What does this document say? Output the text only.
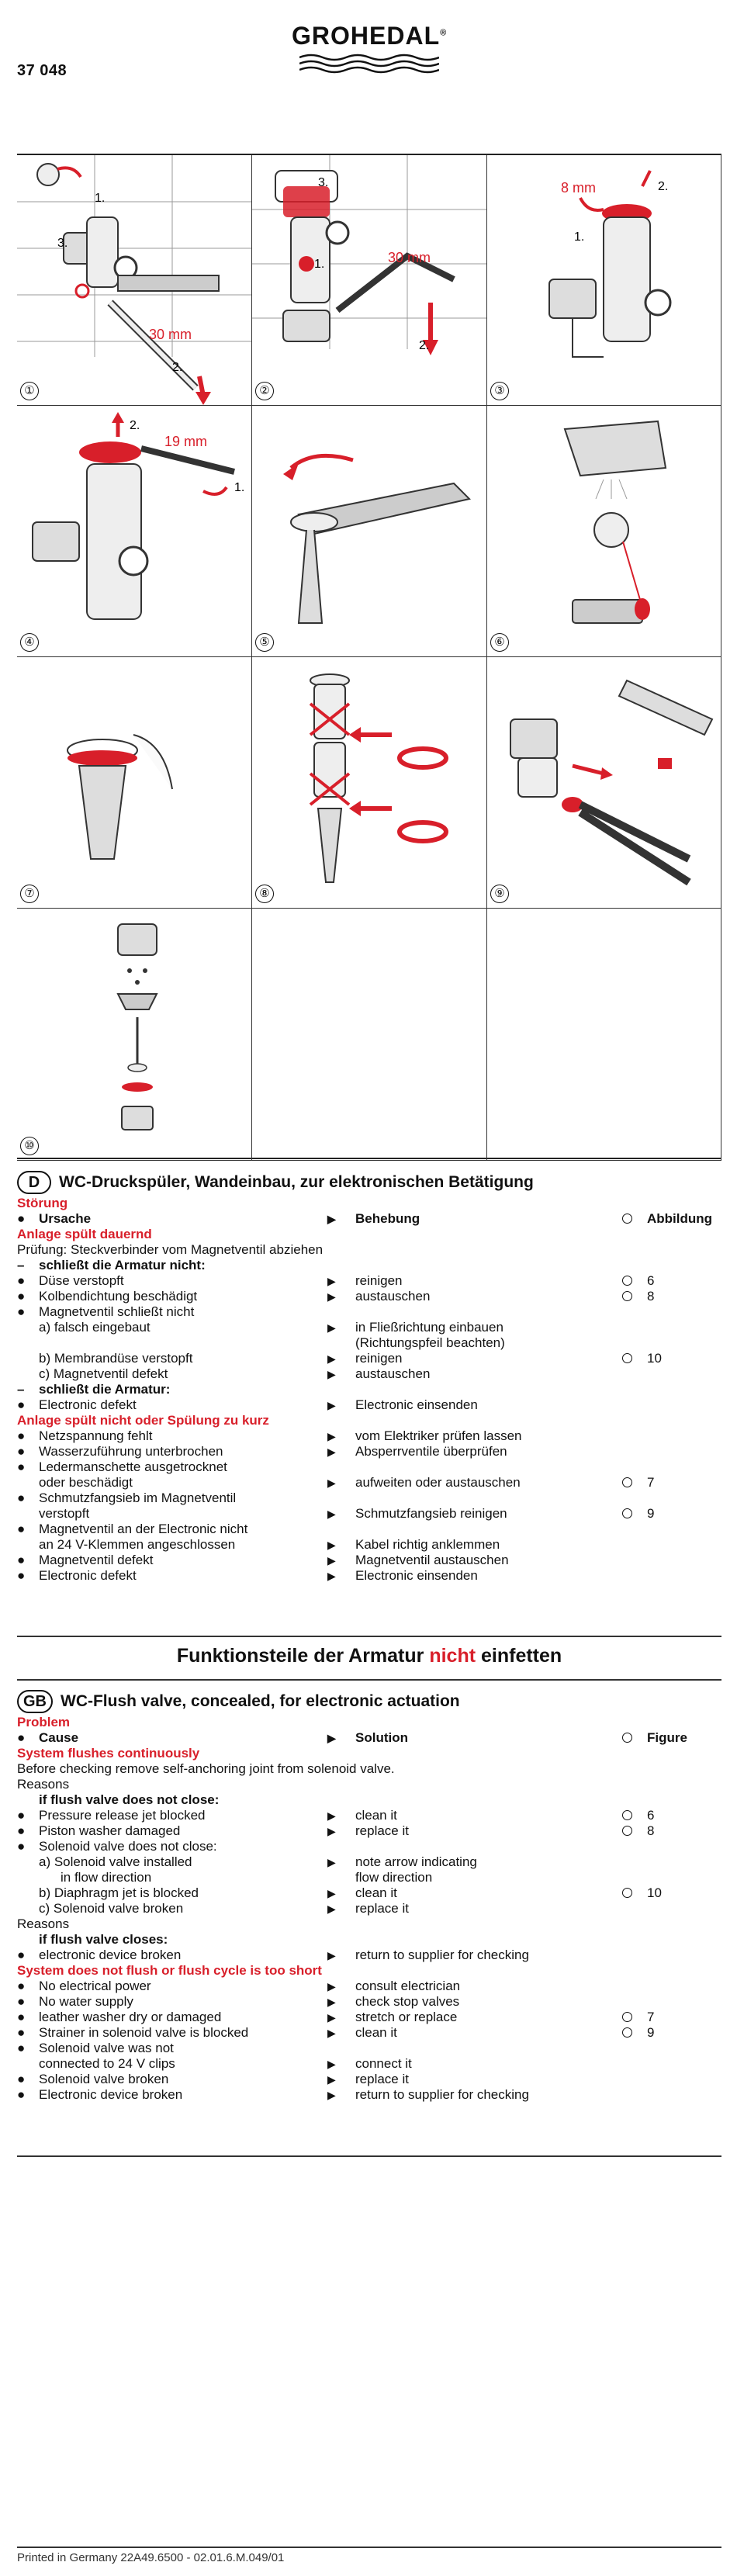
37 048
GROHEDAL®
30 mm
1.
2.
3.
①
30 mm
1.
2.
3.
②
8 mm
1.
2.
③
19 mm
1.
2.
④	⑤	⑥
⑦	⑧	⑨
⑩
D	WC-Druckspüler, Wandeinbau, zur elektronischen Betätigung
Störung
●	Ursache	▶ Behebung	Abbildung
Anlage spült dauernd
Prüfung: Steckverbinder vom Magnetventil abziehen
–	schließt die Armatur nicht:
●	Düse verstopft	▶ reinigen	6
●	Kolbendichtung beschädigt	▶ austauschen	8
●	Magnetventil schließt nicht
a) falsch eingebaut	▶ in Fließrichtung einbauen
(Richtungspfeil beachten)
b) Membrandüse verstopft	▶ reinigen	10
c) Magnetventil defekt	▶ austauschen
–	schließt die Armatur:
●	Electronic defekt	▶ Electronic einsenden
Anlage spült nicht oder Spülung zu kurz
●	Netzspannung fehlt	▶ vom Elektriker prüfen lassen
●	Wasserzuführung unterbrochen	▶ Absperrventile überprüfen
●	Ledermanschette ausgetrocknet
oder beschädigt	▶ aufweiten oder austauschen	7
●	Schmutzfangsieb im Magnetventil
verstopft	▶ Schmutzfangsieb reinigen	9
●	Magnetventil an der Electronic nicht
an 24 V-Klemmen angeschlossen	▶ Kabel richtig anklemmen
●	Magnetventil defekt	▶ Magnetventil austauschen
●	Electronic defekt	▶ Electronic einsenden
Funktionsteile der Armatur nicht einfetten
GB WC-Flush valve, concealed, for electronic actuation
Problem
●	Cause	▶ Solution	Figure
System flushes continuously
Before checking remove self-anchoring joint from solenoid valve.
Reasons
if flush valve does not close:
●	Pressure release jet blocked	▶ clean it	6
●	Piston washer damaged	▶ replace it	8
●	Solenoid valve does not close:
a) Solenoid valve installed	▶ note arrow indicating
in flow direction	flow direction
b) Diaphragm jet is blocked	▶ clean it	10
c) Solenoid valve broken	▶ replace it
Reasons
if flush valve closes:
●	electronic device broken	▶ return to supplier for checking
System does not flush or flush cycle is too short
●	No electrical power	▶ consult electrician
●	No water supply	▶ check stop valves
●	leather washer dry or damaged	▶ stretch or replace	7
●	Strainer in solenoid valve is blocked	▶ clean it	9
●	Solenoid valve was not
connected to 24 V clips	▶ connect it
●	Solenoid valve broken	▶ replace it
●	Electronic device broken	▶ return to supplier for checking
Printed in Germany 22A49.6500 - 02.01.6.M.049/01
